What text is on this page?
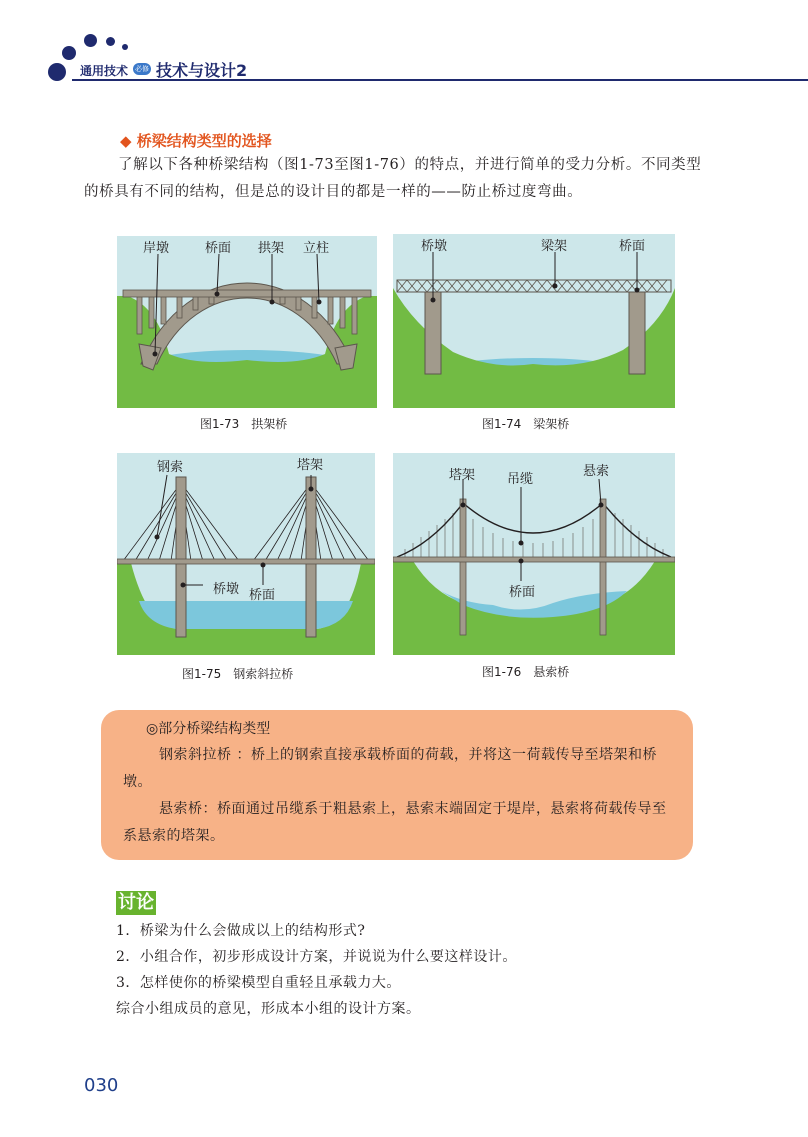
通用技术 必修 技术与设计2
◆ 桥梁结构类型的选择
了解以下各种桥梁结构（图1-73至图1-76）的特点，并进行简单的受力分析。不同类型的桥具有不同的结构，但是总的设计目的都是一样的——防止桥过度弯曲。
岸墩	桥面 拱架 立柱
图1-73　拱架桥
桥墩	梁架	桥面
图1-74　梁架桥
钢索	塔架
桥墩 桥面
图1-75　钢索斜拉桥
塔架 吊缆
悬索
桥面
图1-76　悬索桥
◎部分桥梁结构类型

钢索斜拉桥 ：桥上的钢索直接承载桥面的荷载，并将这一荷载传导至塔架和桥墩。

悬索桥：桥面通过吊缆系于粗悬索上，悬索末端固定于堤岸，悬索将荷载传导至系悬索的塔架。

讨论
1．桥梁为什么会做成以上的结构形式?
2．小组合作，初步形成设计方案，并说说为什么要这样设计。
3．怎样使你的桥梁模型自重轻且承载力大。
综合小组成员的意见，形成本小组的设计方案。
030
